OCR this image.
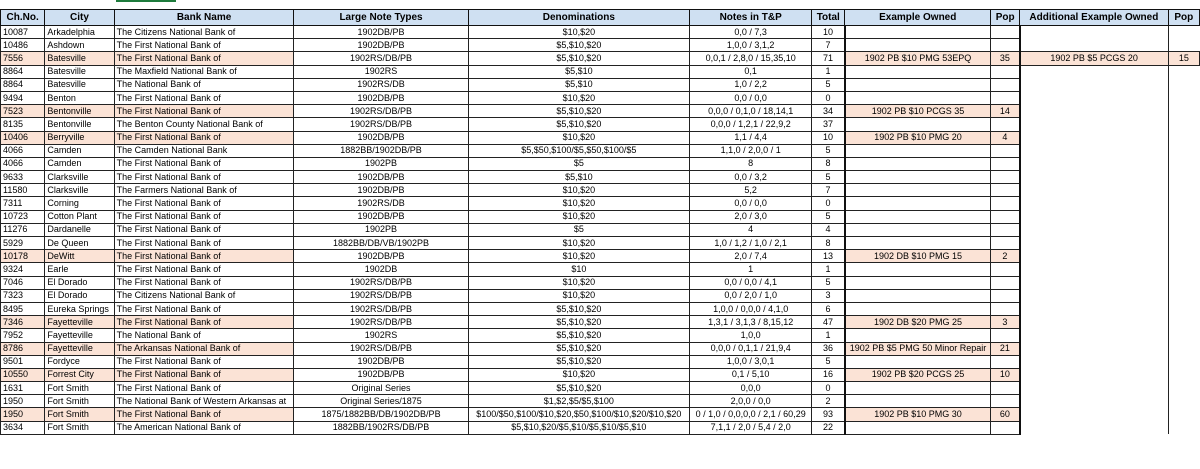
Ch.No.	City	Bank Name	Large Note Types	Denominations	Notes in T&P	Total	Example Owned	Pop	Additional Example Owned	Pop
10087	Arkadelphia	The Citizens National Bank of	1902DB/PB	$10,$20	0,0 / 7,3	10				
10486	Ashdown	The First National Bank of	1902DB/PB	$5,$10,$20	1,0,0 / 3,1,2	7				
7556	Batesville	The First National Bank of	1902RS/DB/PB	$5,$10,$20	0,0,1 / 2,8,0 / 15,35,10	71	1902 PB $10 PMG 53EPQ	35	1902 PB $5 PCGS 20	15
8864	Batesville	The Maxfield National Bank of	1902RS	$5,$10	0,1	1				
8864	Batesville	The National Bank of	1902RS/DB	$5,$10	1,0 / 2,2	5				
9494	Benton	The First National Bank of	1902DB/PB	$10,$20	0,0 / 0,0	0				
7523	Bentonville	The First National Bank of	1902RS/DB/PB	$5,$10,$20	0,0,0 / 0,1,0 / 18,14,1	34	1902 PB $10 PCGS 35	14		
8135	Bentonville	The Benton County National Bank of	1902RS/DB/PB	$5,$10,$20	0,0,0 / 1,2,1 / 22,9,2	37				
10406	Berryville	The First National Bank of	1902DB/PB	$10,$20	1,1 / 4,4	10	1902 PB $10 PMG 20	4		
4066	Camden	The Camden National Bank	1882BB/1902DB/PB	$5,$50,$100/$5,$50,$100/$5	1,1,0 / 2,0,0 / 1	5				
4066	Camden	The First National Bank of	1902PB	$5	8	8				
9633	Clarksville	The First National Bank of	1902DB/PB	$5,$10	0,0 / 3,2	5				
11580	Clarksville	The Farmers National Bank of	1902DB/PB	$10,$20	5,2	7				
7311	Corning	The First National Bank of	1902RS/DB	$10,$20	0,0 / 0,0	0				
10723	Cotton Plant	The First National Bank of	1902DB/PB	$10,$20	2,0 / 3,0	5				
11276	Dardanelle	The First National Bank of	1902PB	$5	4	4				
5929	De Queen	The First National Bank of	1882BB/DB/VB/1902PB	$10,$20	1,0 / 1,2 / 1,0 / 2,1	8				
10178	DeWitt	The First National Bank of	1902DB/PB	$10,$20	2,0 / 7,4	13	1902 DB $10 PMG 15	2		
9324	Earle	The First National Bank of	1902DB	$10	1	1				
7046	El Dorado	The First National Bank of	1902RS/DB/PB	$10,$20	0,0 / 0,0 / 4,1	5				
7323	El Dorado	The Citizens National Bank of	1902RS/DB/PB	$10,$20	0,0 / 2,0 / 1,0	3				
8495	Eureka Springs	The First National Bank of	1902RS/DB/PB	$5,$10,$20	1,0,0 / 0,0,0 / 4,1,0	6				
7346	Fayetteville	The First National Bank of	1902RS/DB/PB	$5,$10,$20	1,3,1 / 3,1,3 / 8,15,12	47	1902 DB $20 PMG 25	3		
7952	Fayetteville	The National Bank of	1902RS	$5,$10,$20	1,0,0	1				
8786	Fayetteville	The Arkansas National Bank of	1902RS/DB/PB	$5,$10,$20	0,0,0 / 0,1,1 / 21,9,4	36	1902 PB $5 PMG 50 Minor Repair	21		
9501	Fordyce	The First National Bank of	1902DB/PB	$5,$10,$20	1,0,0 / 3,0,1	5				
10550	Forrest City	The First National Bank of	1902DB/PB	$10,$20	0,1 / 5,10	16	1902 PB $20 PCGS 25	10		
1631	Fort Smith	The First National Bank of	Original Series	$5,$10,$20	0,0,0	0				
1950	Fort Smith	The National Bank of Western Arkansas at	Original Series/1875	$1,$2,$5/$5,$100	2,0,0 / 0,0	2				
1950	Fort Smith	The First National Bank of	1875/1882BB/DB/1902DB/PB	$100/$50,$100/$10,$20,$50,$100/$10,$20/$10,$20	0 / 1,0 / 0,0,0,0 / 2,1 / 60,29	93	1902 PB $10 PMG 30	60		
3634	Fort Smith	The American National Bank of	1882BB/1902RS/DB/PB	$5,$10,$20/$5,$10/$5,$10/$5,$10	7,1,1 / 2,0 / 5,4 / 2,0	22				
